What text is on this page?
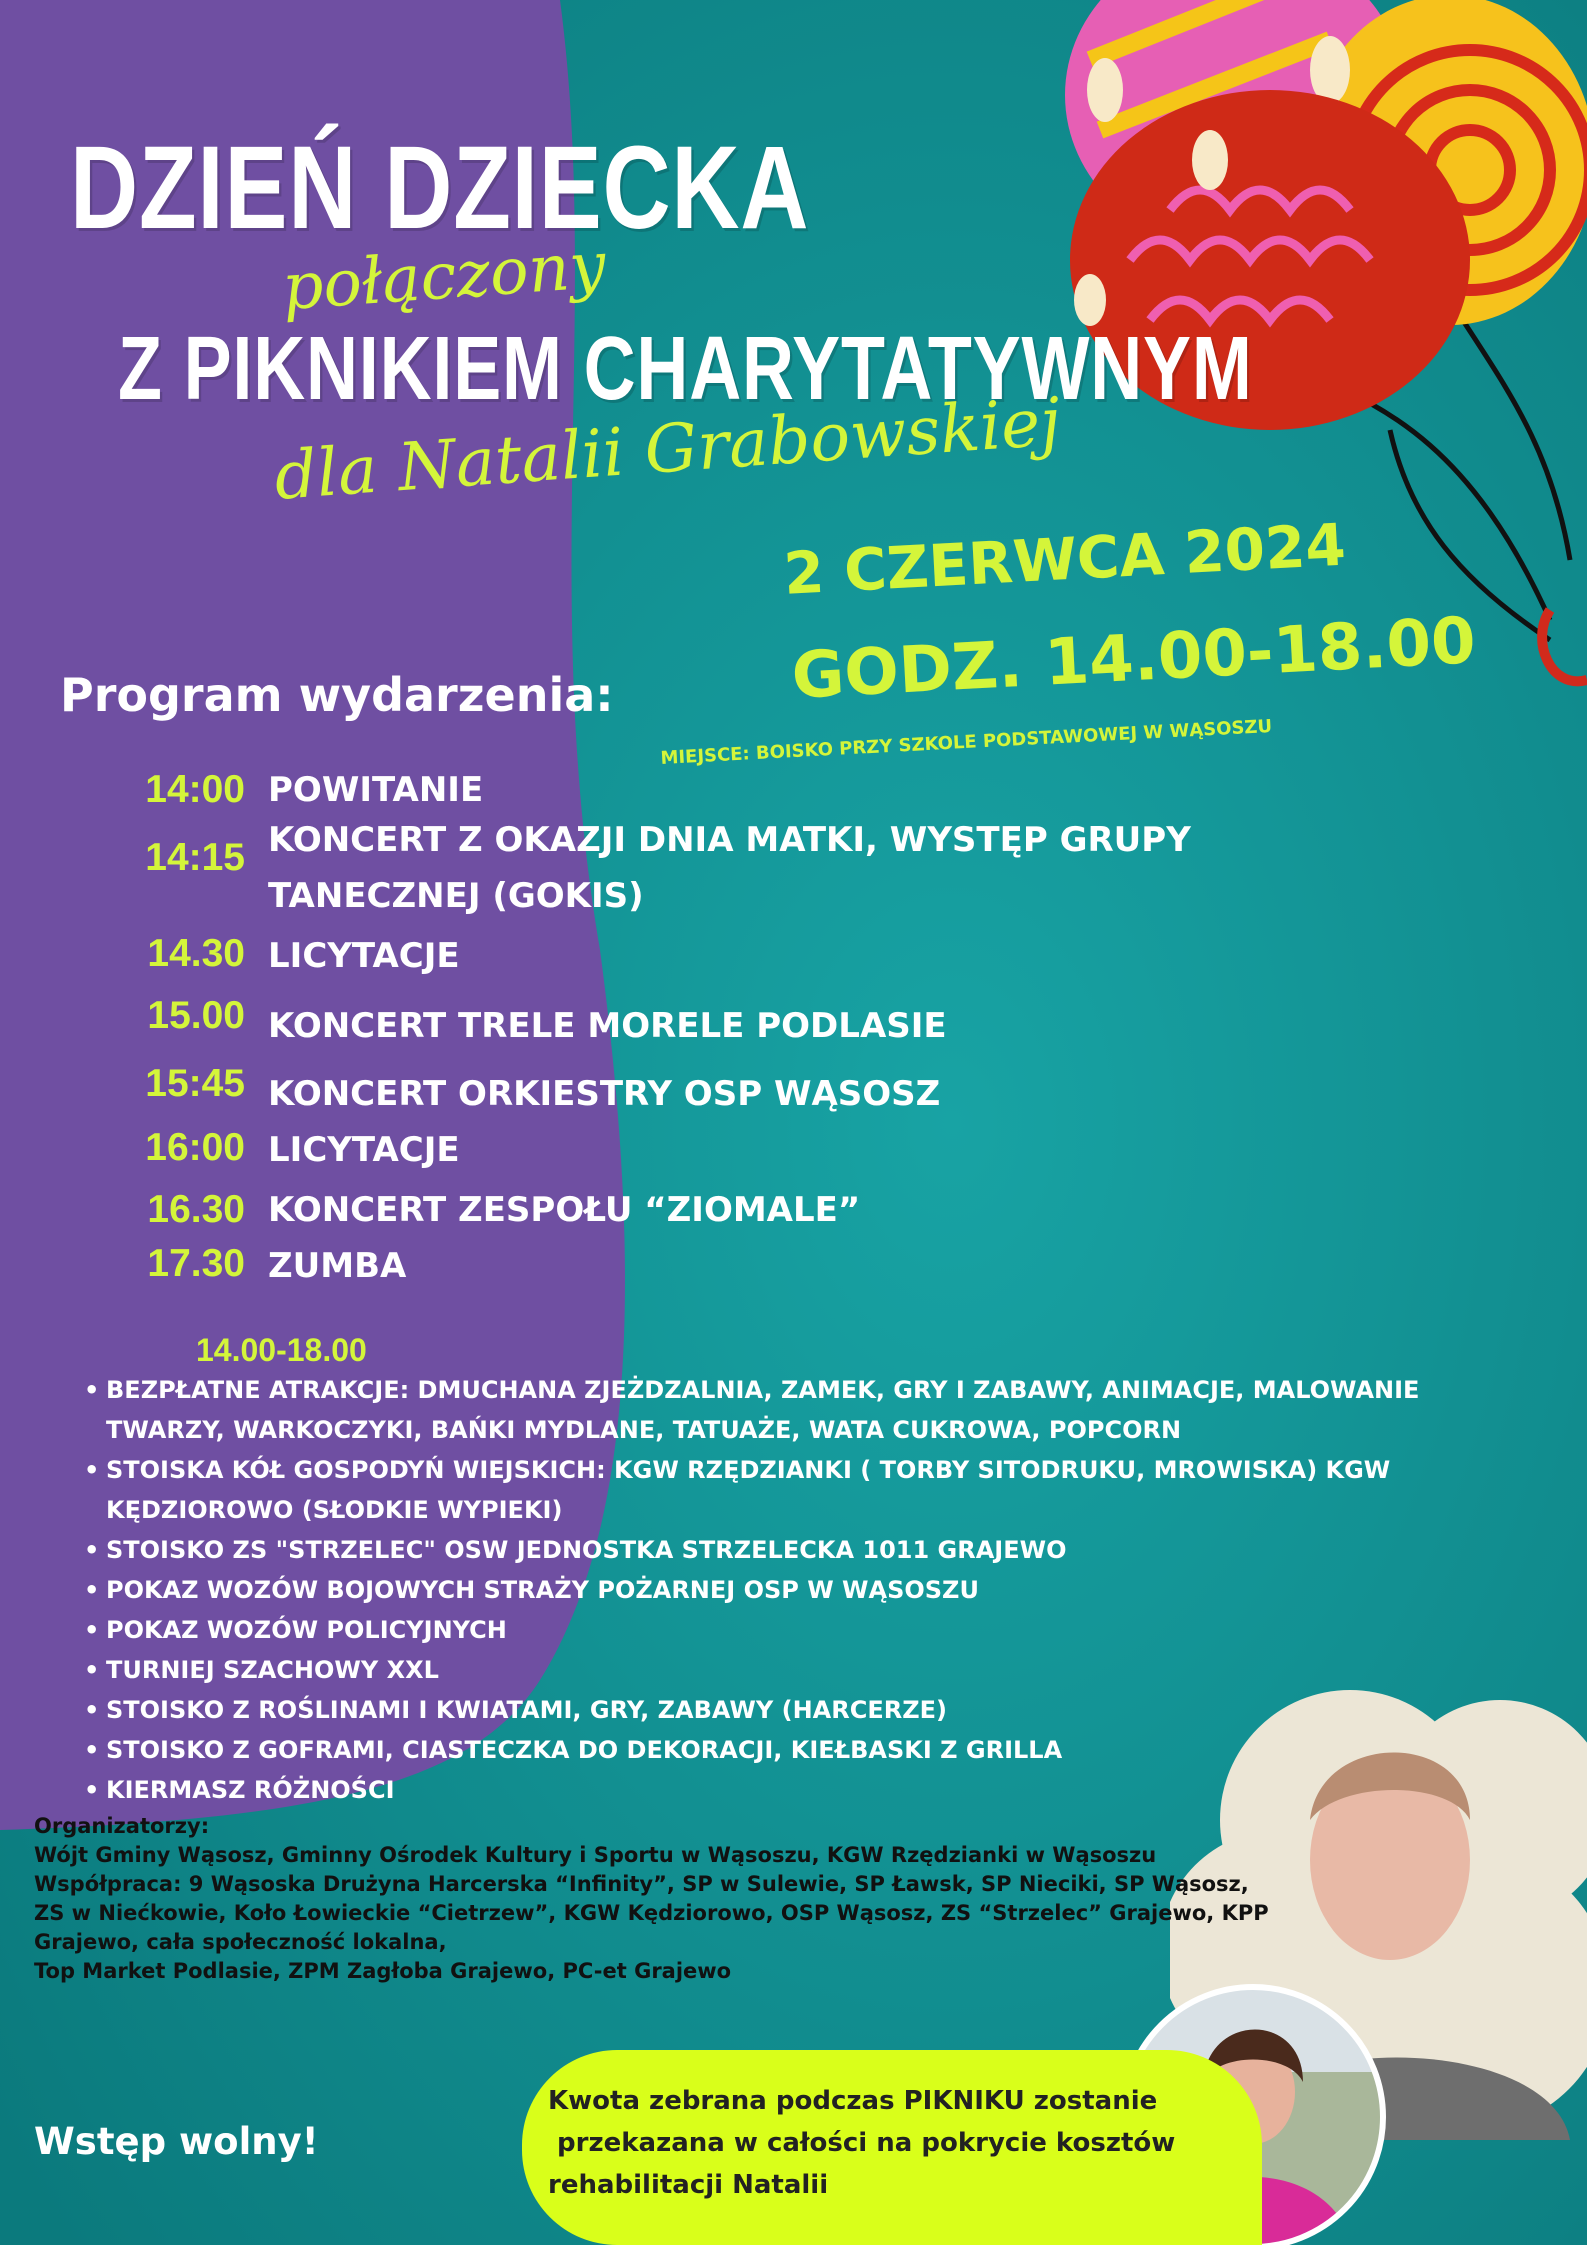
DZIEŃ DZIECKA
połączony
Z PIKNIKIEM CHARYTATYWNYM
dla Natalii Grabowskiej
2 CZERWCA 2024
GODZ. 14.00-18.00
MIEJSCE: BOISKO PRZY SZKOLE PODSTAWOWEJ W WĄSOSZU
Program wydarzenia:
14:00 POWITANIE
14:15 KONCERT Z OKAZJI DNIA MATKI, WYSTĘP GRUPY TANECZNEJ (GOKIS)
14.30 LICYTACJE
15.00 KONCERT TRELE MORELE PODLASIE
15:45 KONCERT ORKIESTRY OSP WĄSOSZ
16:00 LICYTACJE
16.30 KONCERT ZESPOŁU “ZIOMALE”
17.30 ZUMBA
14.00-18.00
• BEZPŁATNE ATRAKCJE: DMUCHANA ZJEŻDZALNIA, ZAMEK, GRY I ZABAWY, ANIMACJE, MALOWANIE TWARZY, WARKOCZYKI, BAŃKI MYDLANE, TATUAŻE, WATA CUKROWA, POPCORN
• STOISKA KÓŁ GOSPODYŃ WIEJSKICH: KGW RZĘDZIANKI ( TORBY SITODRUKU, MROWISKA) KGW KĘDZIOROWO (SŁODKIE WYPIEKI)
• STOISKO ZS "STRZELEC" OSW JEDNOSTKA STRZELECKA 1011 GRAJEWO
• POKAZ WOZÓW BOJOWYCH STRAŻY POŻARNEJ OSP W WĄSOSZU
• POKAZ WOZÓW POLICYJNYCH
• TURNIEJ SZACHOWY XXL
• STOISKO Z ROŚLINAMI I KWIATAMI, GRY, ZABAWY (HARCERZE)
• STOISKO Z GOFRAMI, CIASTECZKA DO DEKORACJI, KIEŁBASKI Z GRILLA
• KIERMASZ RÓŻNOŚCI

Organizatorzy:

Wójt Gminy Wąsosz, Gminny Ośrodek Kultury i Sportu w Wąsoszu, KGW Rzędzianki w Wąsoszu

Współpraca: 9 Wąsoska Drużyna Harcerska “Infinity”, SP w Sulewie, SP Ławsk, SP Nieciki, SP Wąsosz, ZS w Niećkowie, Koło Łowieckie “Cietrzew”, KGW Kędziorowo, OSP Wąsosz, ZS “Strzelec” Grajewo, KPP Grajewo, cała społeczność lokalna,

Top Market Podlasie, ZPM Zagłoba Grajewo, PC-et Grajewo

Wstęp wolny!
Kwota zebrana podczas PIKNIKU zostanie
przekazana w całości na pokrycie kosztów
rehabilitacji Natalii
